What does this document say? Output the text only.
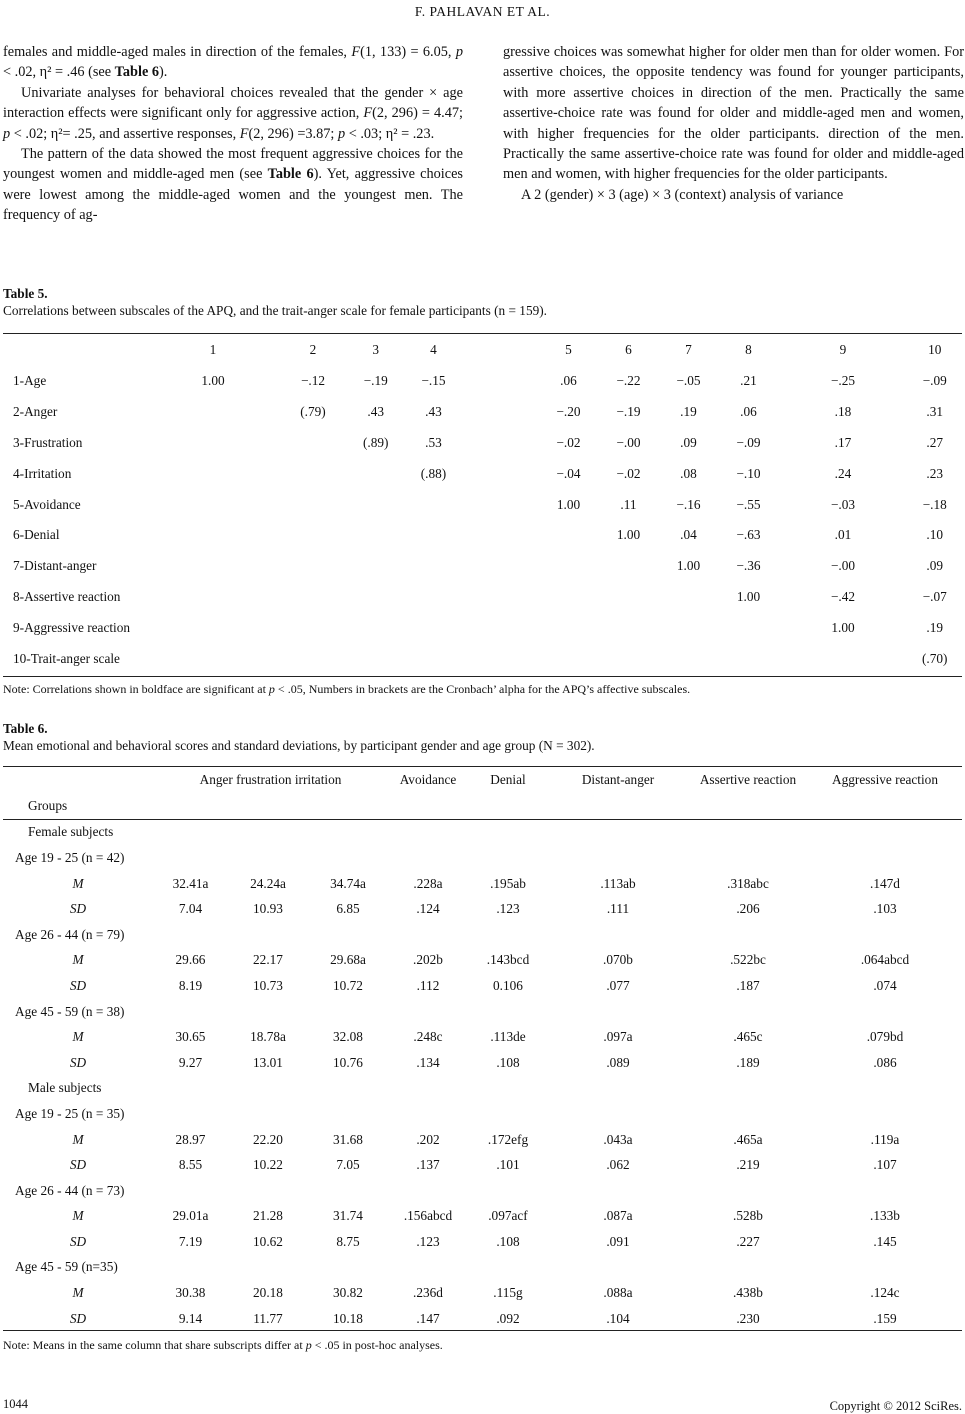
F. PAHLAVAN ET AL.

females and middle-aged males in direction of the females, F(1, 133) = 6.05, p < .02, η² = .46 (see Table 6).

Univariate analyses for behavioral choices revealed that the gender × age interaction effects were significant only for aggressive action, F(2, 296) = 4.47; p < .02; η²= .25, and assertive responses, F(2, 296) =3.87; p < .03; η² = .23.

The pattern of the data showed the most frequent aggressive choices for the youngest women and middle-aged men (see Table 6). Yet, aggressive choices were lowest among the middle-aged women and the youngest men. The frequency of ag-

gressive choices was somewhat higher for older men than for older women. For assertive choices, the opposite tendency was found for younger participants, with more assertive choices in direction of the men. Practically the same assertive-choice rate was found for older and middle-aged men and women, with higher frequencies for the older participants. direction of the men. Practically the same assertive-choice rate was found for older and middle-aged men and women, with higher frequencies for the older participants.

A 2 (gender) × 3 (age) × 3 (context) analysis of variance

Table 5.
Correlations between subscales of the APQ, and the trait-anger scale for female participants (n = 159).
	1	2	3	4		5	6	7	8	9	10
1-Age	1.00	−.12	−.19	−.15		.06	−.22	−.05	.21	−.25	−.09
2-Anger		(.79)	.43	.43		−.20	−.19	.19	.06	.18	.31
3-Frustration			(.89)	.53		−.02	−.00	.09	−.09	.17	.27
4-Irritation				(.88)		−.04	−.02	.08	−.10	.24	.23
5-Avoidance						1.00	.11	−.16	−.55	−.03	−.18
6-Denial							1.00	.04	−.63	.01	.10
7-Distant-anger								1.00	−.36	−.00	.09
8-Assertive reaction									1.00	−.42	−.07
9-Aggressive reaction										1.00	.19
10-Trait-anger scale											(.70)
Note: Correlations shown in boldface are significant at p < .05, Numbers in brackets are the Cronbach’ alpha for the APQ’s affective subscales.
Table 6.
Mean emotional and behavioral scores and standard deviations, by participant gender and age group (N = 302).
	Anger frustration irritation			Avoidance	Denial	Distant-anger	Assertive reaction	Aggressive reaction
Groups								
Female subjects								
Age 19 - 25 (n = 42)								
M	32.41a	24.24a	34.74a	.228a	.195ab	.113ab	.318abc	.147d
SD	7.04	10.93	6.85	.124	.123	.111	.206	.103
Age 26 - 44 (n = 79)								
M	29.66	22.17	29.68a	.202b	.143bcd	.070b	.522bc	.064abcd
SD	8.19	10.73	10.72	.112	0.106	.077	.187	.074
Age 45 - 59 (n = 38)								
M	30.65	18.78a	32.08	.248c	.113de	.097a	.465c	.079bd
SD	9.27	13.01	10.76	.134	.108	.089	.189	.086
Male subjects								
Age 19 - 25 (n = 35)								
M	28.97	22.20	31.68	.202	.172efg	.043a	.465a	.119a
SD	8.55	10.22	7.05	.137	.101	.062	.219	.107
Age 26 - 44 (n = 73)								
M	29.01a	21.28	31.74	.156abcd	.097acf	.087a	.528b	.133b
SD	7.19	10.62	8.75	.123	.108	.091	.227	.145
Age 45 - 59 (n=35)								
M	30.38	20.18	30.82	.236d	.115g	.088a	.438b	.124c
SD	9.14	11.77	10.18	.147	.092	.104	.230	.159
Note: Means in the same column that share subscripts differ at p < .05 in post-hoc analyses.
1044	Copyright © 2012 SciRes.
